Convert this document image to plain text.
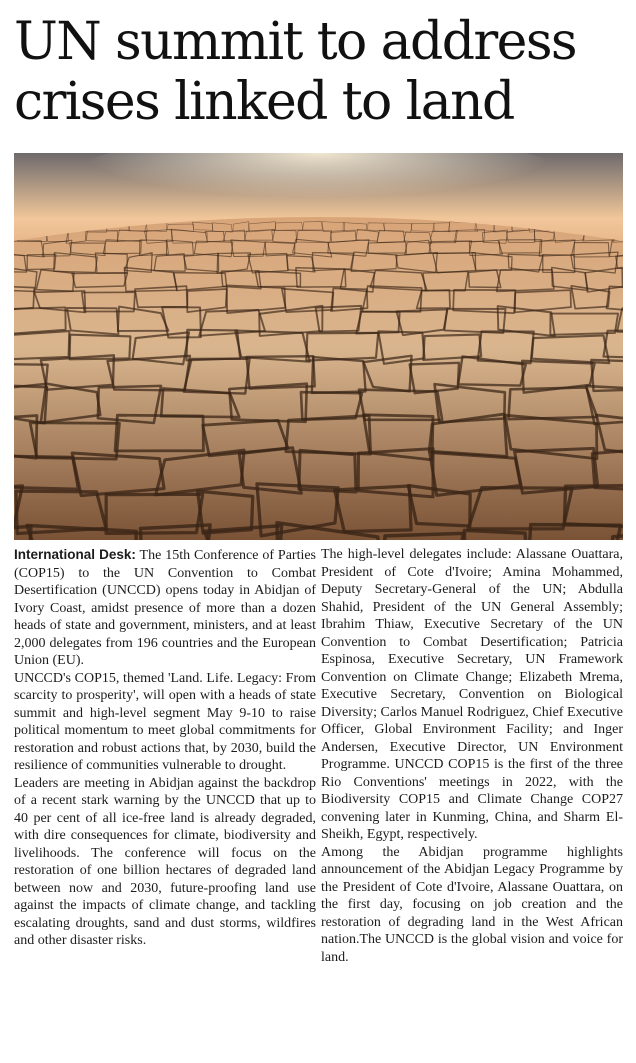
UN summit to address crises linked to land

International Desk: The 15th Conference of Parties (COP15) to the UN Convention to Combat Desertification (UNCCD) opens today in Abidjan of Ivory Coast, amidst presence of more than a dozen heads of state and government, ministers, and at least 2,000 delegates from 196 countries and the European Union (EU).

UNCCD's COP15, themed 'Land. Life. Legacy: From scarcity to prosperity', will open with a heads of state summit and high-level segment May 9-10 to raise political momentum to meet global commitments for restoration and robust actions that, by 2030, build the resilience of communities vulnerable to drought.

Leaders are meeting in Abidjan against the backdrop of a recent stark warning by the UNCCD that up to 40 per cent of all ice-free land is already degraded, with dire consequences for climate, biodiversity and livelihoods. The conference will focus on the restoration of one billion hectares of degraded land between now and 2030, future-proofing land use against the impacts of climate change, and tackling escalating droughts, sand and dust storms, wildfires and other disaster risks.

The high-level delegates include: Alassane Ouattara, President of Cote d'Ivoire; Amina Mohammed, Deputy Secretary-General of the UN; Abdulla Shahid, President of the UN General Assembly; Ibrahim Thiaw, Executive Secretary of the UN Convention to Combat Desertification; Patricia Espinosa, Executive Secretary, UN Framework Convention on Climate Change; Elizabeth Mrema, Executive Secretary, Convention on Biological Diversity; Carlos Manuel Rodriguez, Chief Executive Officer, Global Environment Facility; and Inger Andersen, Executive Director, UN Environment Programme. UNCCD COP15 is the first of the three Rio Conventions' meetings in 2022, with the Biodiversity COP15 and Climate Change COP27 convening later in Kunming, China, and Sharm El-Sheikh, Egypt, respectively.

Among the Abidjan programme highlights announcement of the Abidjan Legacy Programme by the President of Cote d'Ivoire, Alassane Ouattara, on the first day, focusing on job creation and the restoration of degrading land in the West African nation.The UNCCD is the global vision and voice for land.
